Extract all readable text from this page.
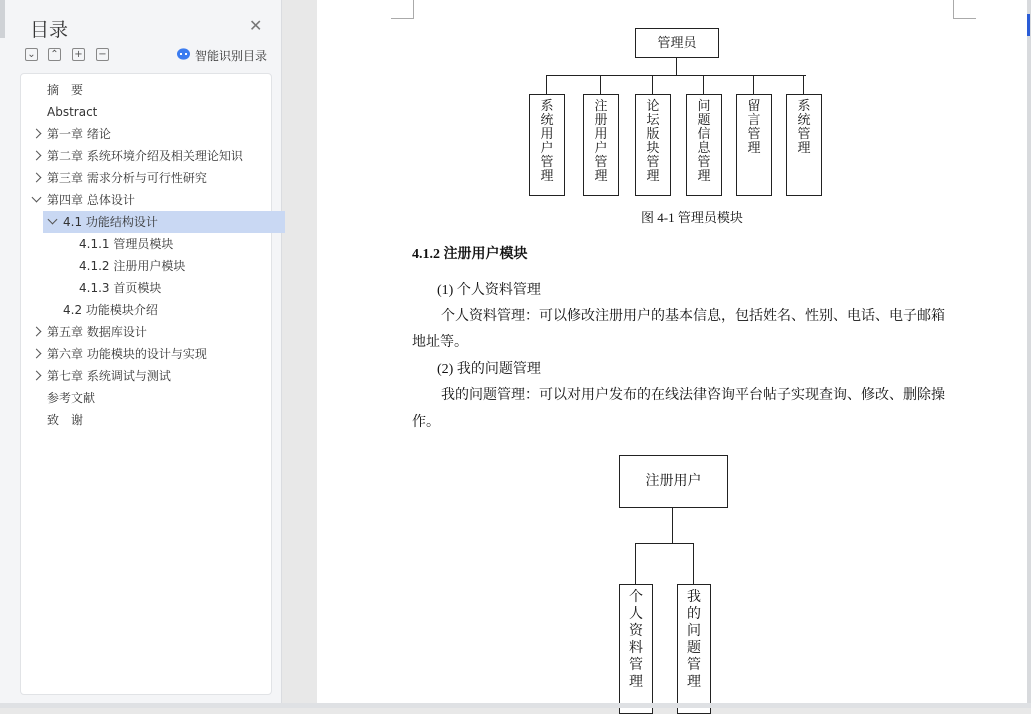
目录	✕
⌄ ⌃ + −	智能识别目录
摘　要
Abstract
第一章 绪论
第二章 系统环境介绍及相关理论知识
第三章 需求分析与可行性研究
第四章 总体设计
4.1 功能结构设计
4.1.1 管理员模块
4.1.2 注册用户模块
4.1.3 首页模块
4.2 功能模块介绍
第五章 数据库设计
第六章 功能模块的设计与实现
第七章 系统调试与测试
参考文献
致　谢
管理员
系
统
用
户
管
理
注
册
用
户
管
理
论
坛
版
块
管
理
问
题
信
息
管
理
留
言
管
理
系
统
管
理
图 4-1 管理员模块
4.1.2 注册用户模块
(1) 个人资料管理
个人资料管理：可以修改注册用户的基本信息，包括姓名、性别、电话、电子邮箱
地址等。
(2) 我的问题管理
我的问题管理：可以对用户发布的在线法律咨询平台帖子实现查询、修改、删除操
作。
注册用户
个
人
资
料
管
理
我
的
问
题
管
理
